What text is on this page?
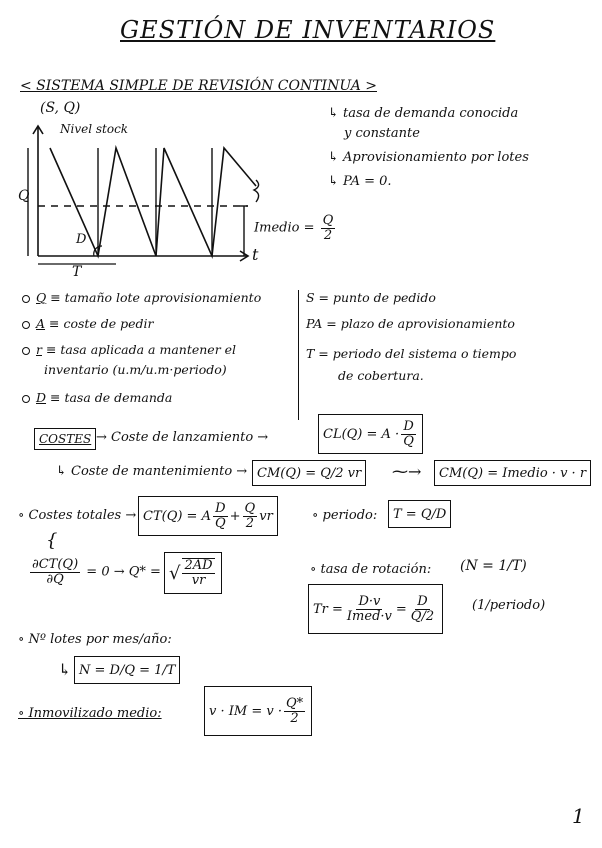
GESTIÓN DE INVENTARIOS
< SISTEMA SIMPLE DE REVISIÓN CONTINUA >
(S, Q)
Nivel stock
Q
D
t
T
Imedio = $\frac{Q}{2}$
↳ tasa de demanda conocida
y constante
↳ Aprovisionamiento por lotes
↳ PA = 0.
Q ≡ tamaño lote aprovisionamiento
A ≡ coste de pedir
r ≡ tasa aplicada a mantener el
inventario (u.m/u.m·periodo)
D ≡ tasa de demanda
S = punto de pedido
PA = plazo de aprovisionamiento
T = periodo del sistema o tiempo
de cobertura.
COSTES → Coste de lanzamiento →	$CL(Q) = A \cdot \frac{D}{Q}$
↳ Coste de mantenimiento → CM(Q) = Q/2 vr ⁓→ CM(Q) = Imedio · v · r
∘ Costes totales → CT(Q) = A $\frac{D}{Q} + \frac{Q}{2}$ vr
{
$\frac{\partial CT(Q)}{\partial Q} = 0 \to Q*$ = √ $\frac{2AD}{vr}$
∘ periodo: T = Q/D
∘ tasa de rotación: (N = 1/T)
$Tr = \frac{D\cdot v}{\text{Imed·v}} = \frac{D}{Q/2}$	(1/periodo)
∘ Nº lotes por mes/año:
↳ N = D/Q = 1/T
∘ Inmovilizado medio:	v · IM = $v \cdot \frac{Q*}{2}$
1
